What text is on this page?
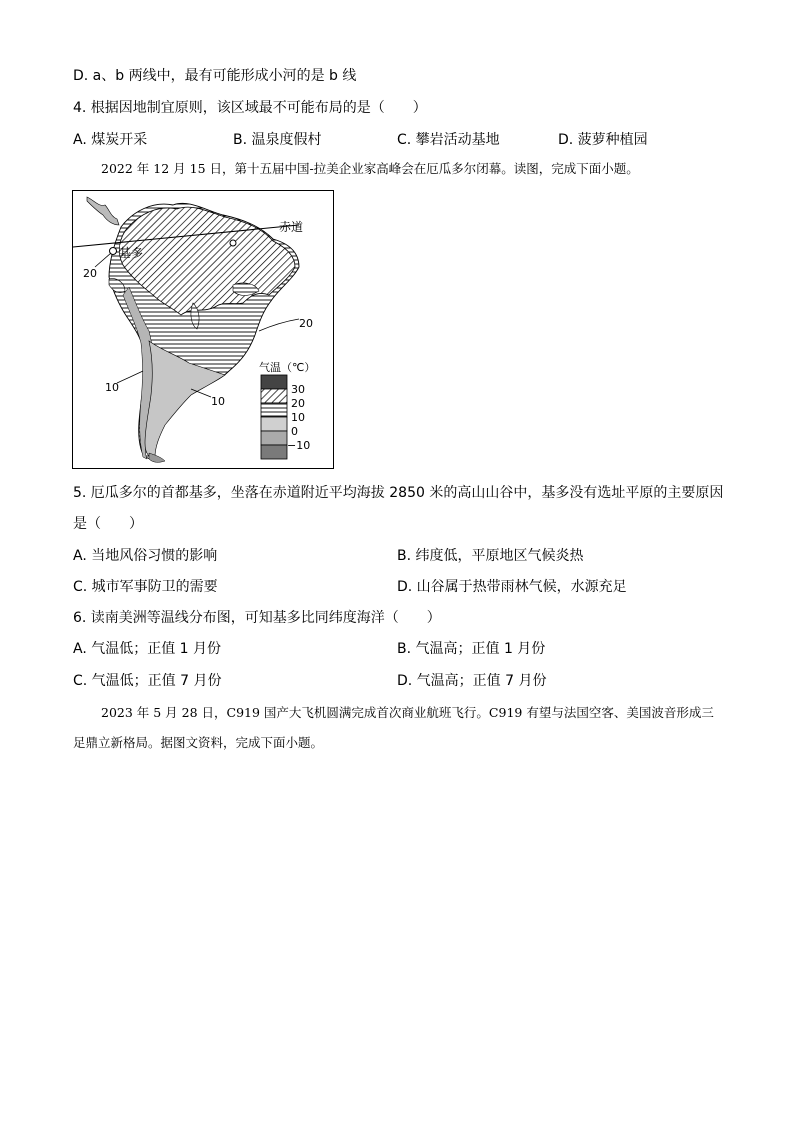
D. a、b 两线中，最有可能形成小河的是 b 线
4. 根据因地制宜原则，该区域最不可能布局的是（　　）
A. 煤炭开采	B. 温泉度假村	C. 攀岩活动基地	D. 菠萝种植园
2022 年 12 月 15 日，第十五届中国-拉美企业家高峰会在厄瓜多尔闭幕。读图，完成下面小题。
赤道
基多
20
20
10
10
气温（℃）
30
20
10
0
−10
5. 厄瓜多尔的首都基多，坐落在赤道附近平均海拔 2850 米的高山山谷中，基多没有选址平原的主要原因
是（　　）
A. 当地风俗习惯的影响	B. 纬度低，平原地区气候炎热
C. 城市军事防卫的需要	D. 山谷属于热带雨林气候，水源充足
6. 读南美洲等温线分布图，可知基多比同纬度海洋（　　）
A. 气温低；正值 1 月份	B. 气温高；正值 1 月份
C. 气温低；正值 7 月份	D. 气温高；正值 7 月份
2023 年 5 月 28 日，C919 国产大飞机圆满完成首次商业航班飞行。C919 有望与法国空客、美国波音形成三足鼎立新格局。据图文资料，完成下面小题。
